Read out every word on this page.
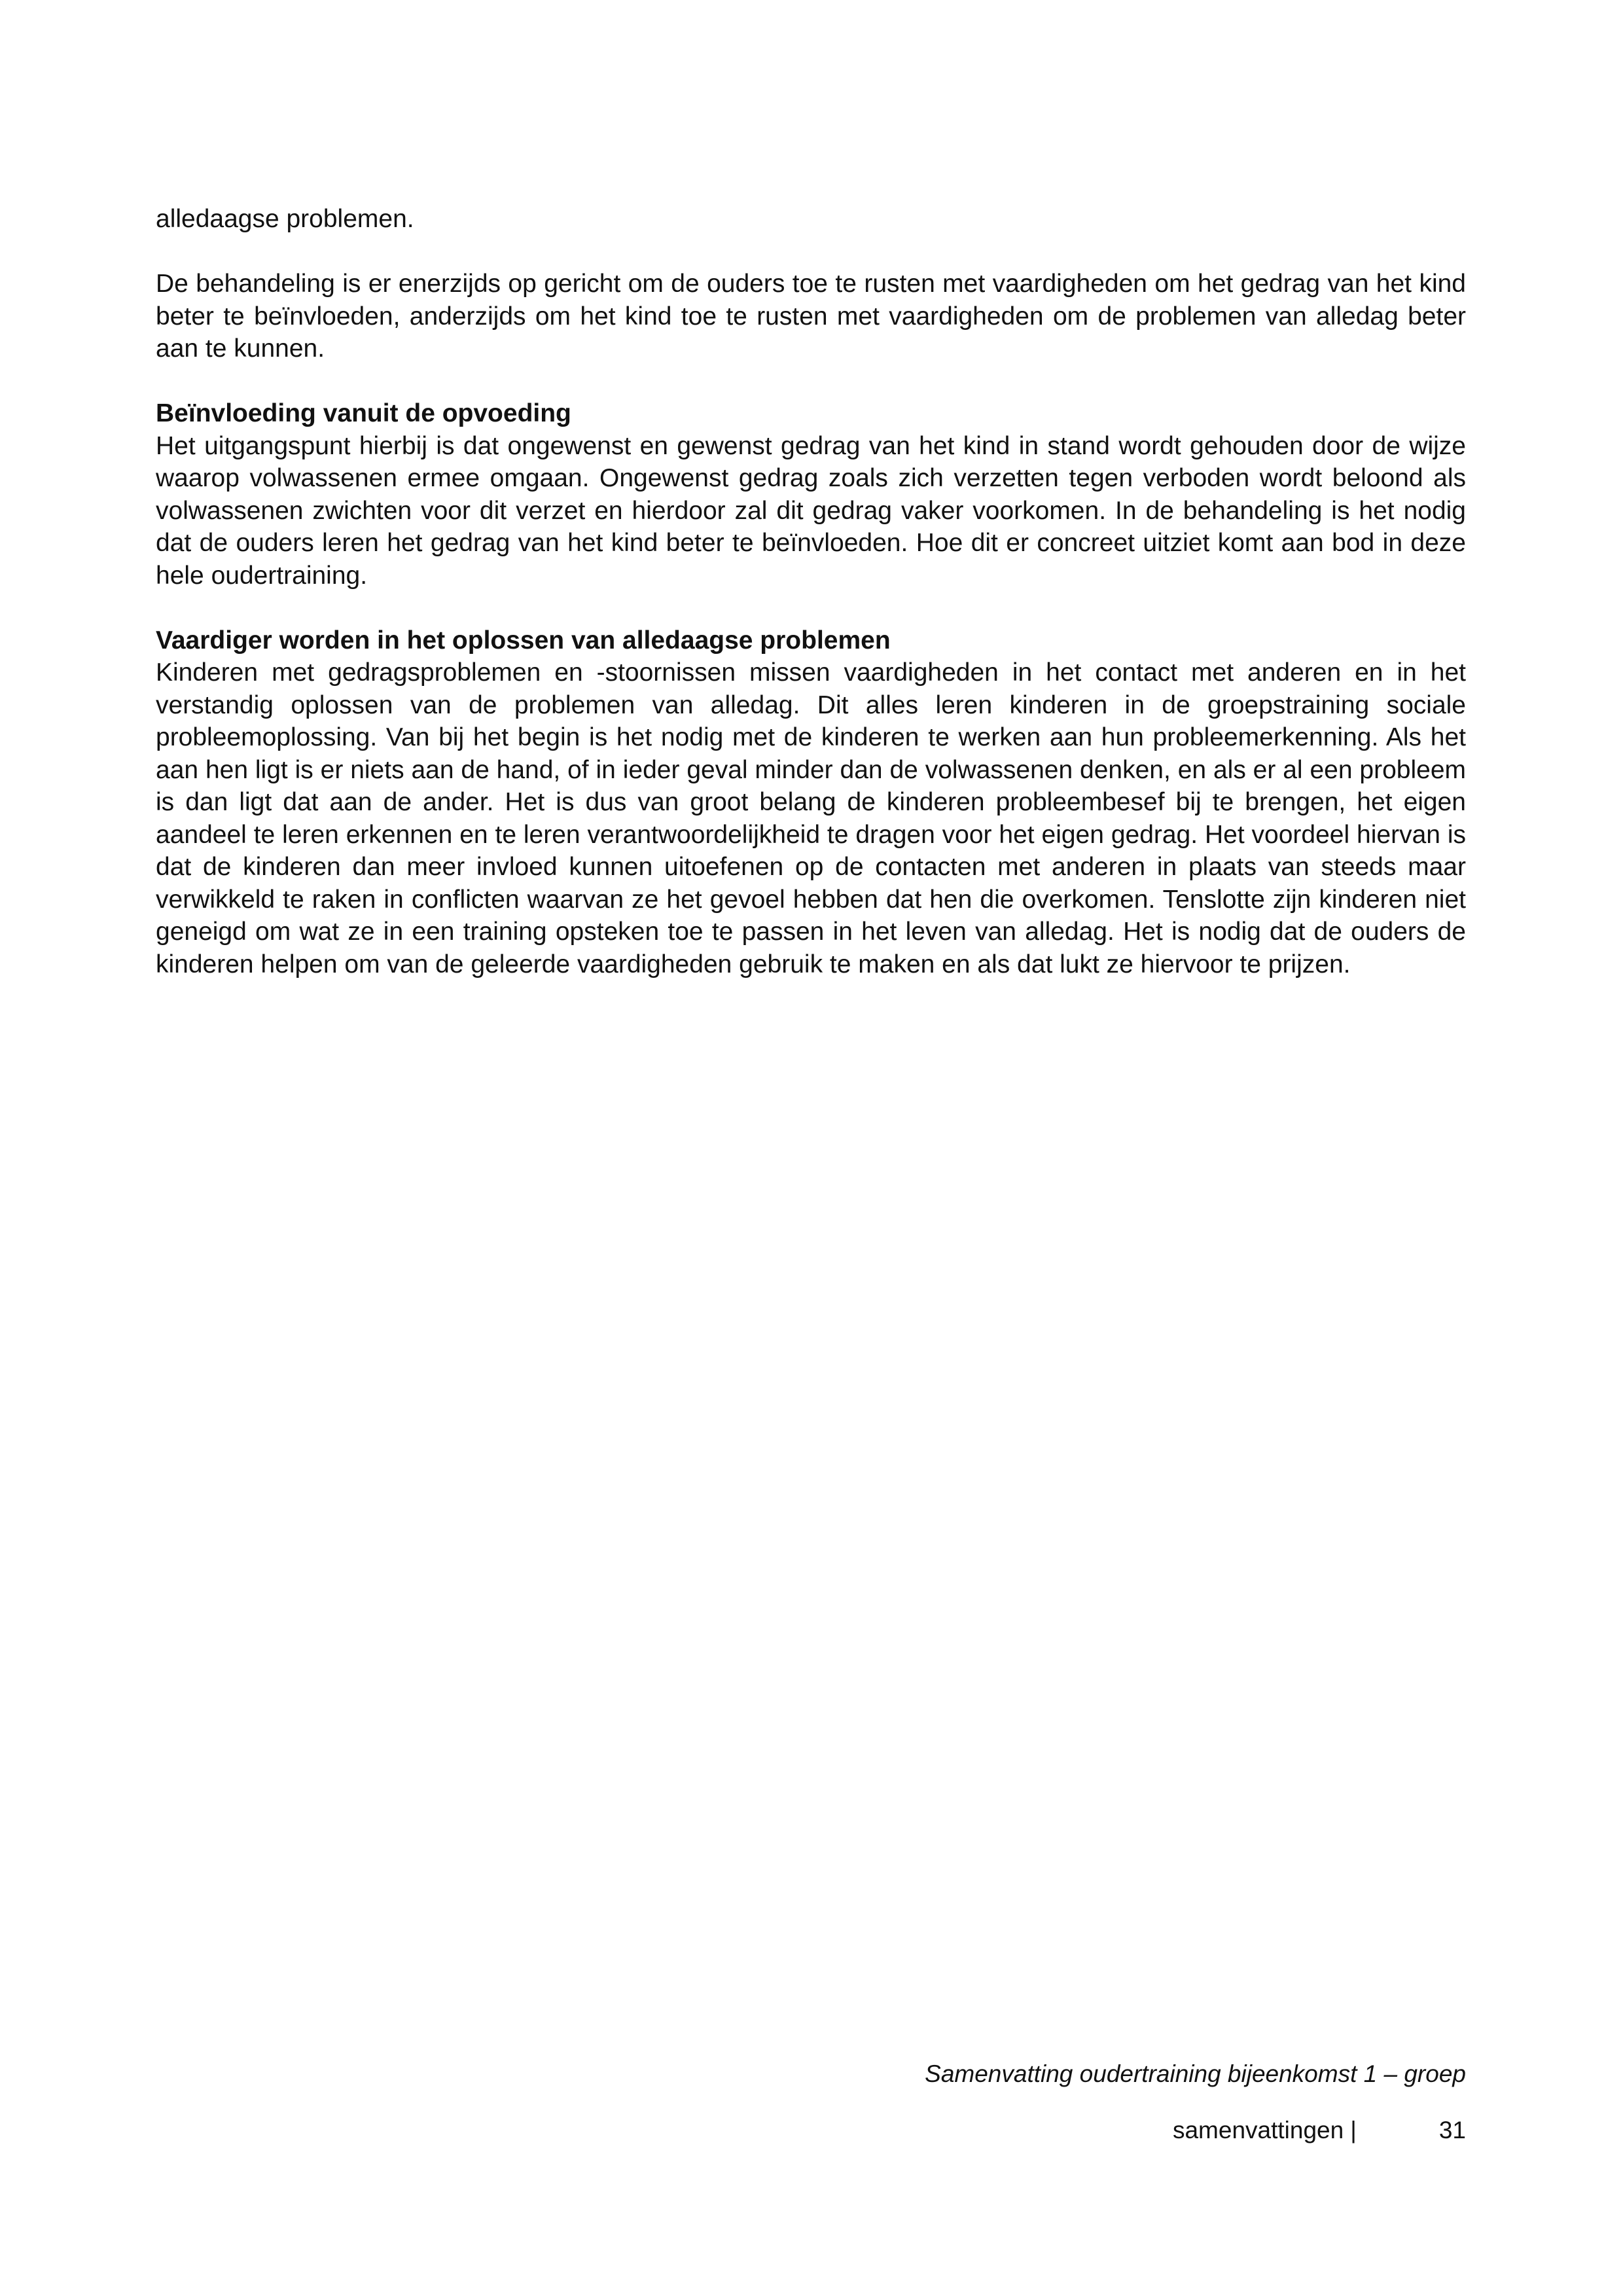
alledaagse problemen.

De behandeling is er enerzijds op gericht om de ouders toe te rusten met vaardigheden om het gedrag van het kind beter te beïnvloeden, anderzijds om het kind toe te rusten met vaardigheden om de problemen van alledag beter aan te kunnen.

Beïnvloeding vanuit de opvoeding

Het uitgangspunt hierbij is dat ongewenst en gewenst gedrag van het kind in stand wordt gehouden door de wijze waarop volwassenen ermee omgaan. Ongewenst gedrag zoals zich verzetten tegen verboden wordt beloond als volwassenen zwichten voor dit verzet en hierdoor zal dit gedrag vaker voorkomen. In de behandeling is het nodig dat de ouders leren het gedrag van het kind beter te beïnvloeden. Hoe dit er concreet uitziet komt aan bod in deze hele oudertraining.

Vaardiger worden in het oplossen van alledaagse problemen

Kinderen met gedragsproblemen en -stoornissen missen vaardigheden in het contact met anderen en in het verstandig oplossen van de problemen van alledag. Dit alles leren kinderen in de groepstraining sociale probleemoplossing. Van bij het begin is het nodig met de kinderen te werken aan hun probleemerkenning. Als het aan hen ligt is er niets aan de hand, of in ieder geval minder dan de volwassenen denken, en als er al een probleem is dan ligt dat aan de ander. Het is dus van groot belang de kinderen probleembesef bij te brengen, het eigen aandeel te leren erkennen en te leren verantwoordelijkheid te dragen voor het eigen gedrag. Het voordeel hiervan is dat de kinderen dan meer invloed kunnen uitoefenen op de contacten met anderen in plaats van steeds maar verwikkeld te raken in conflicten waarvan ze het gevoel hebben dat hen die overkomen. Tenslotte zijn kinderen niet geneigd om wat ze in een training opsteken toe te passen in het leven van alledag. Het is nodig dat de ouders de kinderen helpen om van de geleerde vaardigheden gebruik te maken en als dat lukt ze hiervoor te prijzen.

Samenvatting oudertraining bijeenkomst 1 – groep
samenvattingen |	31
